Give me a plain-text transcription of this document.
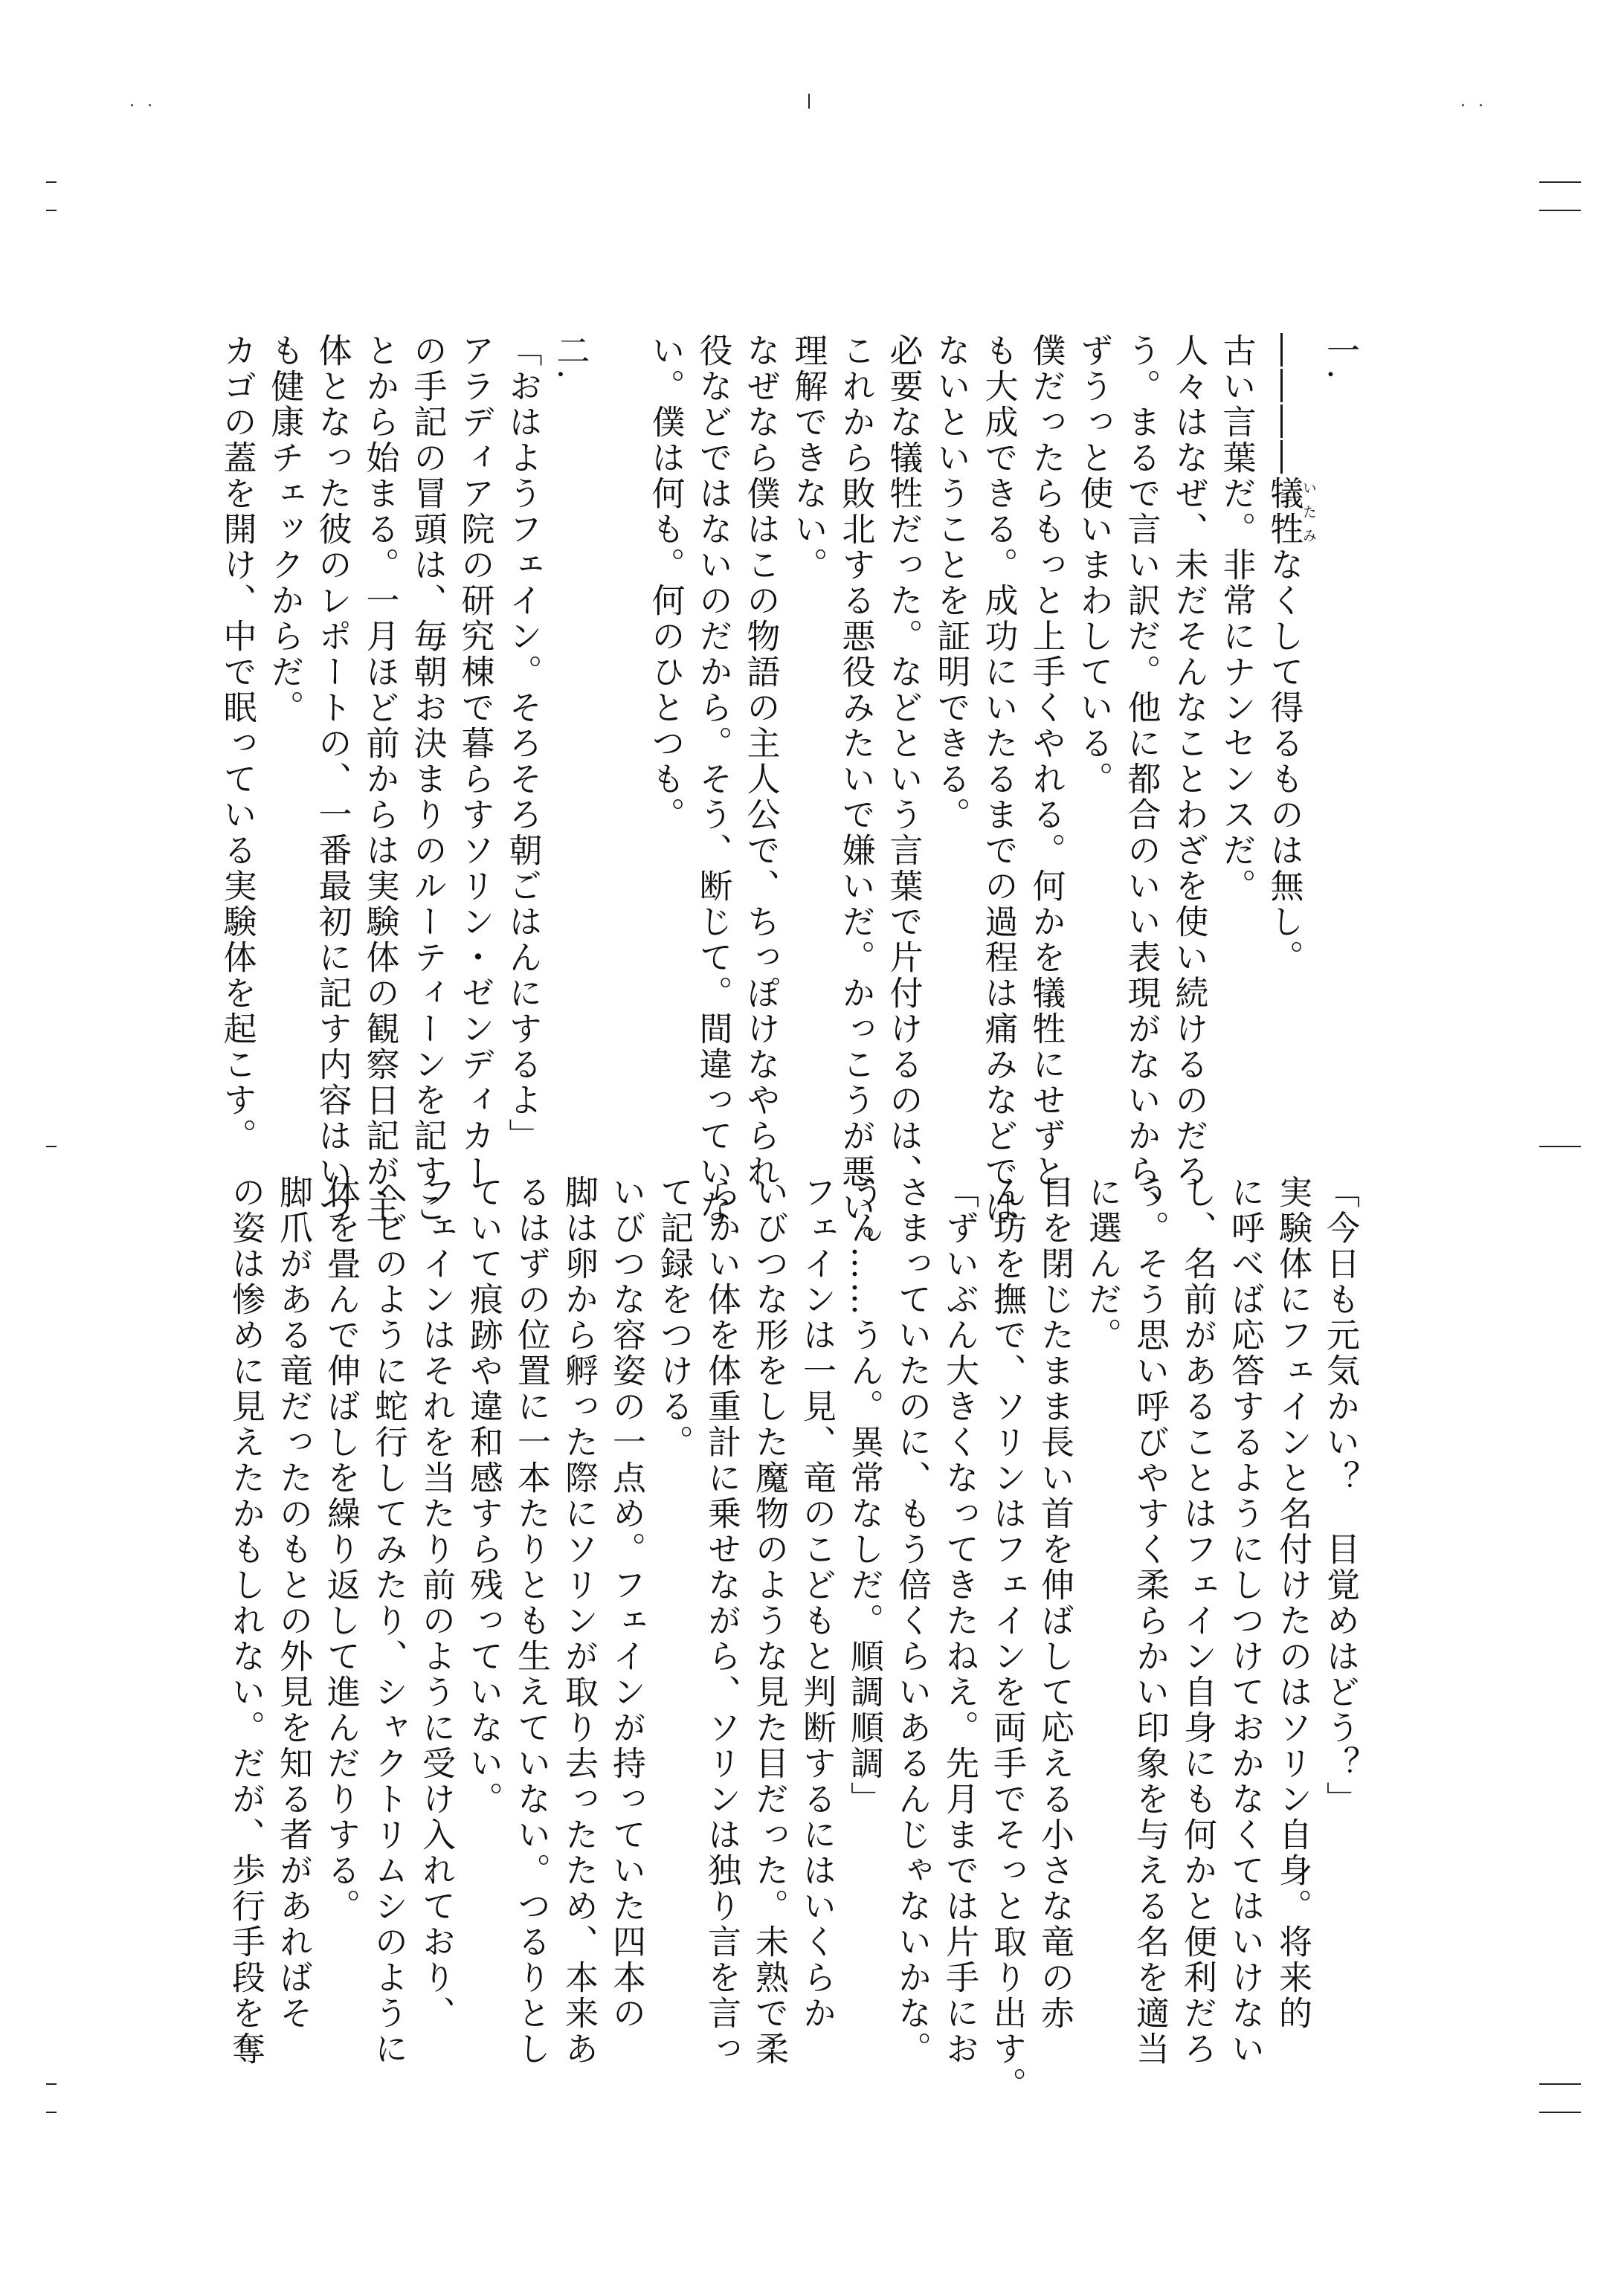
一.

――――犠牲いたみなくして得るものは無し。

古い言葉だ。非常にナンセンスだ。

人々はなぜ、未だそんなことわざを使い続けるのだろ

う。まるで言い訳だ。他に都合のいい表現がないから、

ずうっと使いまわしている。

僕だったらもっと上手くやれる。何かを犠牲にせずと

も大成できる。成功にいたるまでの過程は痛みなどでは

ないということを証明できる。

必要な犠牲だった。などという言葉で片付けるのは、

これから敗北する悪役みたいで嫌いだ。かっこうが悪い。

理解できない。

なぜなら僕はこの物語の主人公で、ちっぽけなやられ

役などではないのだから。そう、断じて。間違っていな

い。僕は何も。何のひとつも。

二.

「おはようフェイン。そろそろ朝ごはんにするよ」

アラディア院の研究棟で暮らすソリン・ゼンディカー

の手記の冒頭は、毎朝お決まりのルーティーンを記すこ

とから始まる。一月ほど前からは実験体の観察日記が主

体となった彼のレポートの、一番最初に記す内容はいつ

も健康チェックからだ。

カゴの蓋を開け、中で眠っている実験体を起こす。

「今日も元気かい？　目覚めはどう？」

実験体にフェインと名付けたのはソリン自身。将来的

に呼べば応答するようにしつけておかなくてはいけない

し、名前があることはフェイン自身にも何かと便利だろ

う。そう思い呼びやすく柔らかい印象を与える名を適当

に選んだ。

目を閉じたまま長い首を伸ばして応える小さな竜の赤

ん坊を撫で、ソリンはフェインを両手でそっと取り出す。

「ずいぶん大きくなってきたねえ。先月までは片手にお

さまっていたのに、もう倍くらいあるんじゃないかな。

うん……うん。異常なしだ。順調順調」

フェインは一見、竜のこどもと判断するにはいくらか

いびつな形をした魔物のような見た目だった。未熟で柔

らかい体を体重計に乗せながら、ソリンは独り言を言っ

て記録をつける。

いびつな容姿の一点め。フェインが持っていた四本の

脚は卵から孵った際にソリンが取り去ったため、本来あ

るはずの位置に一本たりとも生えていない。つるりとし

ていて痕跡や違和感すら残っていない。

フェインはそれを当たり前のように受け入れており、

ヘビのように蛇行してみたり、シャクトリムシのように

体を畳んで伸ばしを繰り返して進んだりする。

脚爪がある竜だったのもとの外見を知る者があればそ

の姿は惨めに見えたかもしれない。だが、歩行手段を奪
